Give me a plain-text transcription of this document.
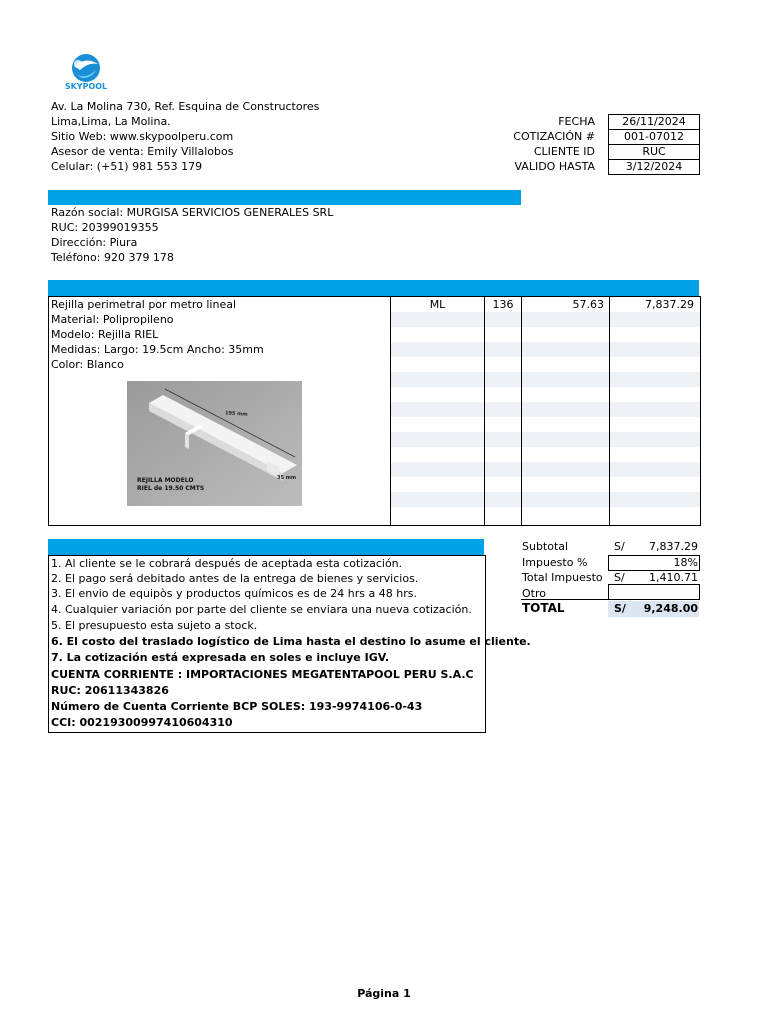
SKYPOOL
Av. La Molina 730, Ref. Esquina de Constructores
Lima,Lima, La Molina.
Sitio Web: www.skypoolperu.com
Asesor de venta: Emily Villalobos
Celular: (+51) 981 553 179
FECHA	26/11/2024
COTIZACIÓN #	001-07012
CLIENTE ID	RUC
VALIDO HASTA	3/12/2024
Razón social: MURGISA SERVICIOS GENERALES SRL
RUC: 20399019355
Dirección: Piura
Teléfono: 920 379 178
Rejilla perimetral por metro lineal
Material: Polipropileno
Modelo: Rejilla RIEL
Medidas: Largo: 19.5cm Ancho: 35mm
Color: Blanco
ML	136	57.63	7,837.29
195 mm
35 mm
REJILLA MODELO
RIEL de 19.50 CMTS
1. Al cliente se le cobrará después de aceptada esta cotización.
2. El pago será debitado antes de la entrega de bienes y servicios.
3. El envio de equipòs y productos químicos es de 24 hrs a 48 hrs.
4. Cualquier variación por parte del cliente se enviara una nueva cotización.
5. El presupuesto esta sujeto a stock.
6. El costo del traslado logístico de Lima hasta el destino lo asume el cliente.
7. La cotización está expresada en soles e incluye IGV.
CUENTA CORRIENTE : IMPORTACIONES MEGATENTAPOOL PERU S.A.C
RUC: 20611343826
Número de Cuenta Corriente BCP SOLES: 193-9974106-0-43
CCI: 00219300997410604310
Subtotal	S/ 7,837.29
Impuesto %	18%
Total Impuesto S/ 1,410.71
Otro
TOTAL	S/ 9,248.00
Página 1
